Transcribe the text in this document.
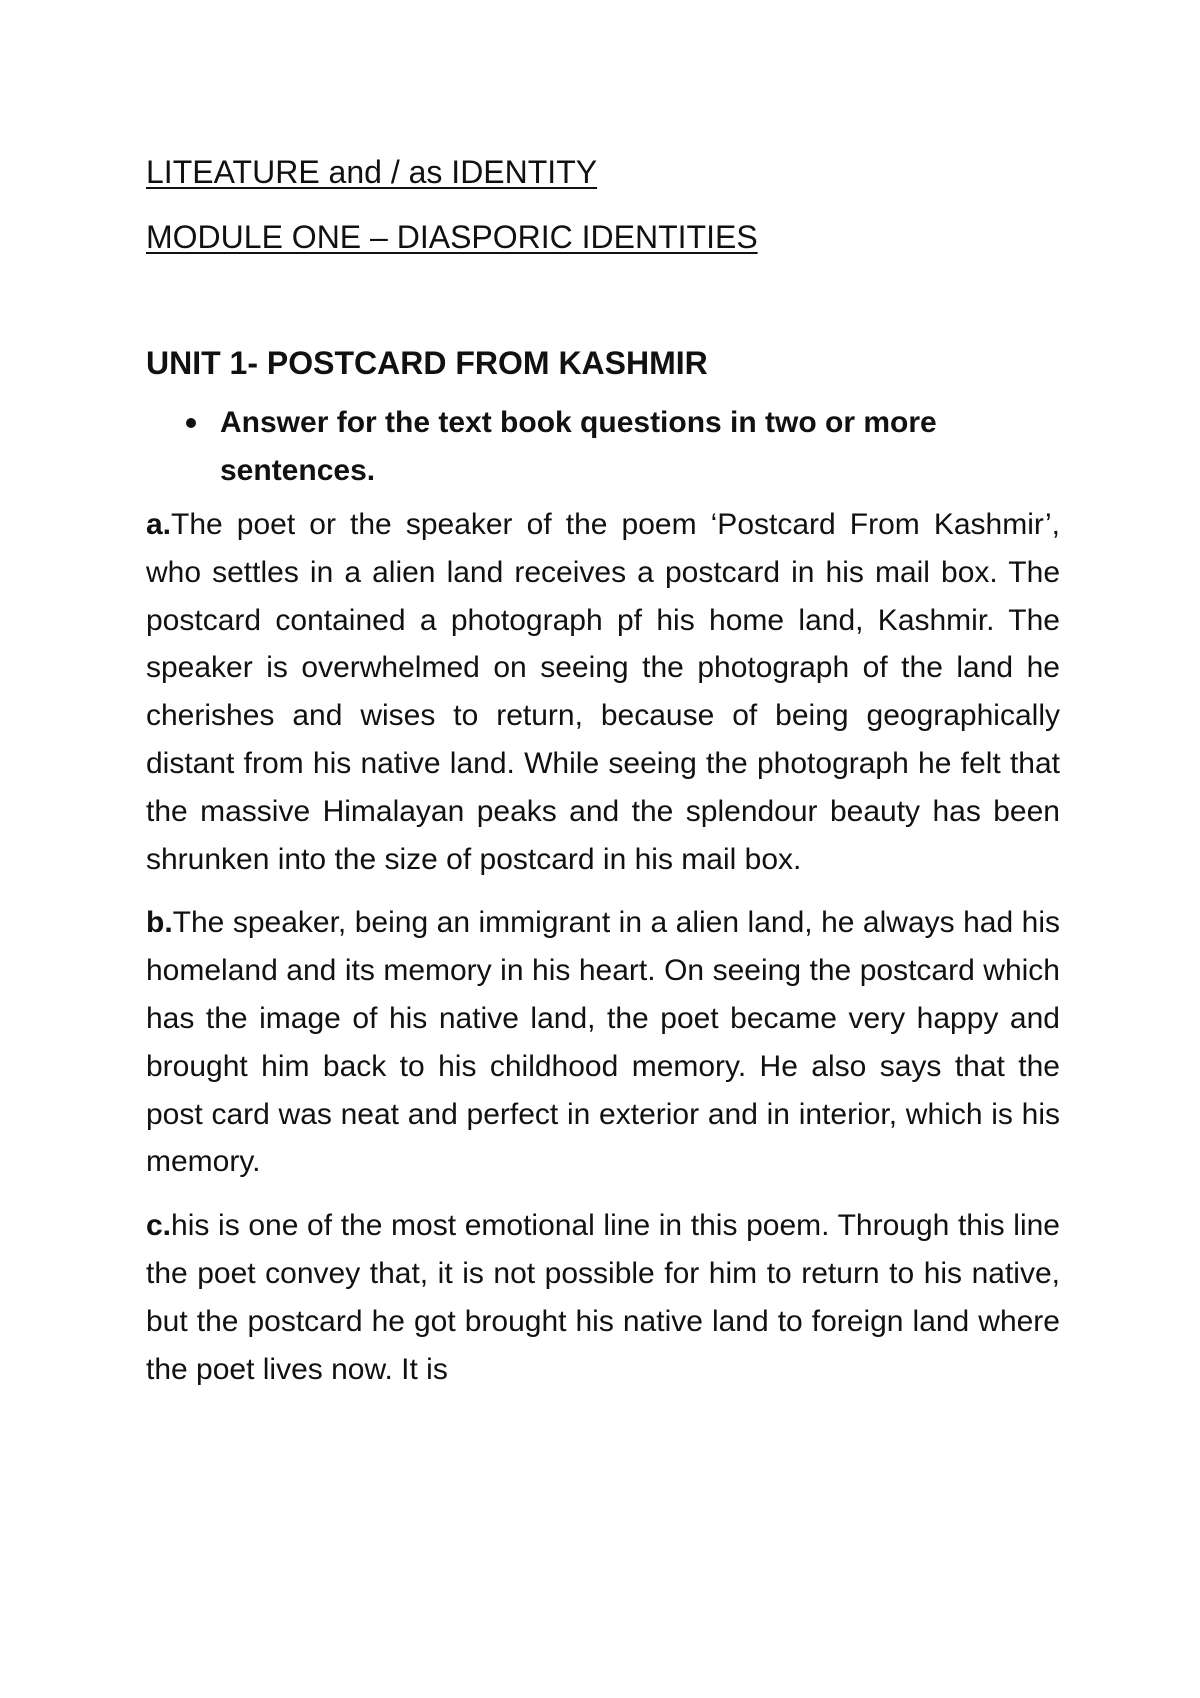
LITEATURE and / as IDENTITY
MODULE ONE – DIASPORIC IDENTITIES
UNIT 1- POSTCARD FROM KASHMIR
Answer for the text book questions in two or more sentences.

a.The poet or the speaker of the poem ‘Postcard From Kashmir’, who settles in a alien land receives a postcard in his mail box. The postcard contained a photograph pf his home land, Kashmir. The speaker is overwhelmed on seeing the photograph of the land he cherishes and wises to return, because of being geographically distant from his native land. While seeing the photograph he felt that the massive Himalayan peaks and the splendour beauty has been shrunken into the size of postcard in his mail box.

b.The speaker, being an immigrant in a alien land, he always had his homeland and its memory in his heart. On seeing the postcard which has the image of his native land, the poet became very happy and brought him back to his childhood memory. He also says that the post card was neat and perfect in exterior and in interior, which is his memory.

c.his is one of the most emotional line in this poem. Through this line the poet convey that, it is not possible for him to return to his native, but the postcard he got brought his native land to foreign land where the poet lives now. It is
